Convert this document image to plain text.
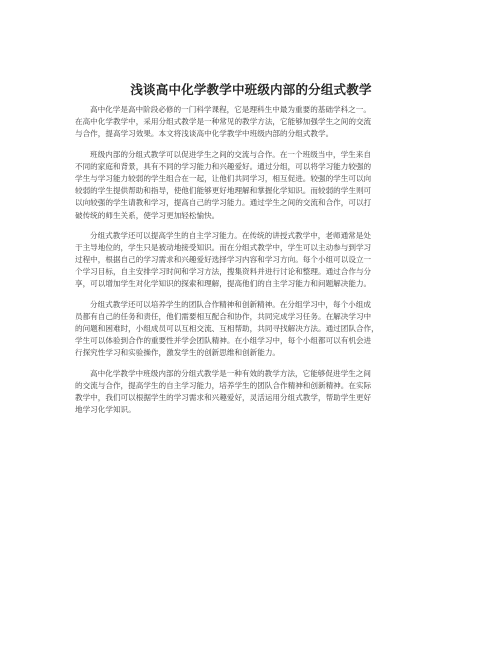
浅谈高中化学教学中班级内部的分组式教学
高中化学是高中阶段必修的一门科学课程，它是理科生中最为重要的基础学科之一。
在高中化学教学中，采用分组式教学是一种常见的教学方法，它能够加强学生之间的交流
与合作，提高学习效果。本文将浅谈高中化学教学中班级内部的分组式教学。
班级内部的分组式教学可以促进学生之间的交流与合作。在一个班级当中，学生来自
不同的家庭和背景，具有不同的学习能力和兴趣爱好。通过分组，可以将学习能力较强的
学生与学习能力较弱的学生组合在一起，让他们共同学习，相互促进。较强的学生可以向
较弱的学生提供帮助和指导，使他们能够更好地理解和掌握化学知识。而较弱的学生则可
以向较强的学生请教和学习，提高自己的学习能力。通过学生之间的交流和合作，可以打
破传统的师生关系，使学习更加轻松愉快。
分组式教学还可以提高学生的自主学习能力。在传统的讲授式教学中，老师通常是处
于主导地位的，学生只是被动地接受知识。而在分组式教学中，学生可以主动参与到学习
过程中，根据自己的学习需求和兴趣爱好选择学习内容和学习方向。每个小组可以设立一
个学习目标，自主安排学习时间和学习方法，搜集资料并进行讨论和整理。通过合作与分
享，可以增加学生对化学知识的探索和理解，提高他们的自主学习能力和问题解决能力。
分组式教学还可以培养学生的团队合作精神和创新精神。在分组学习中，每个小组成
员都有自己的任务和责任，他们需要相互配合和协作，共同完成学习任务。在解决学习中
的问题和困难时，小组成员可以互相交流、互相帮助，共同寻找解决方法。通过团队合作，
学生可以体验到合作的重要性并学会团队精神。在小组学习中，每个小组都可以有机会进
行探究性学习和实验操作，激发学生的创新思维和创新能力。
高中化学教学中班级内部的分组式教学是一种有效的教学方法，它能够促进学生之间
的交流与合作，提高学生的自主学习能力，培养学生的团队合作精神和创新精神。在实际
教学中，我们可以根据学生的学习需求和兴趣爱好，灵活运用分组式教学，帮助学生更好
地学习化学知识。
